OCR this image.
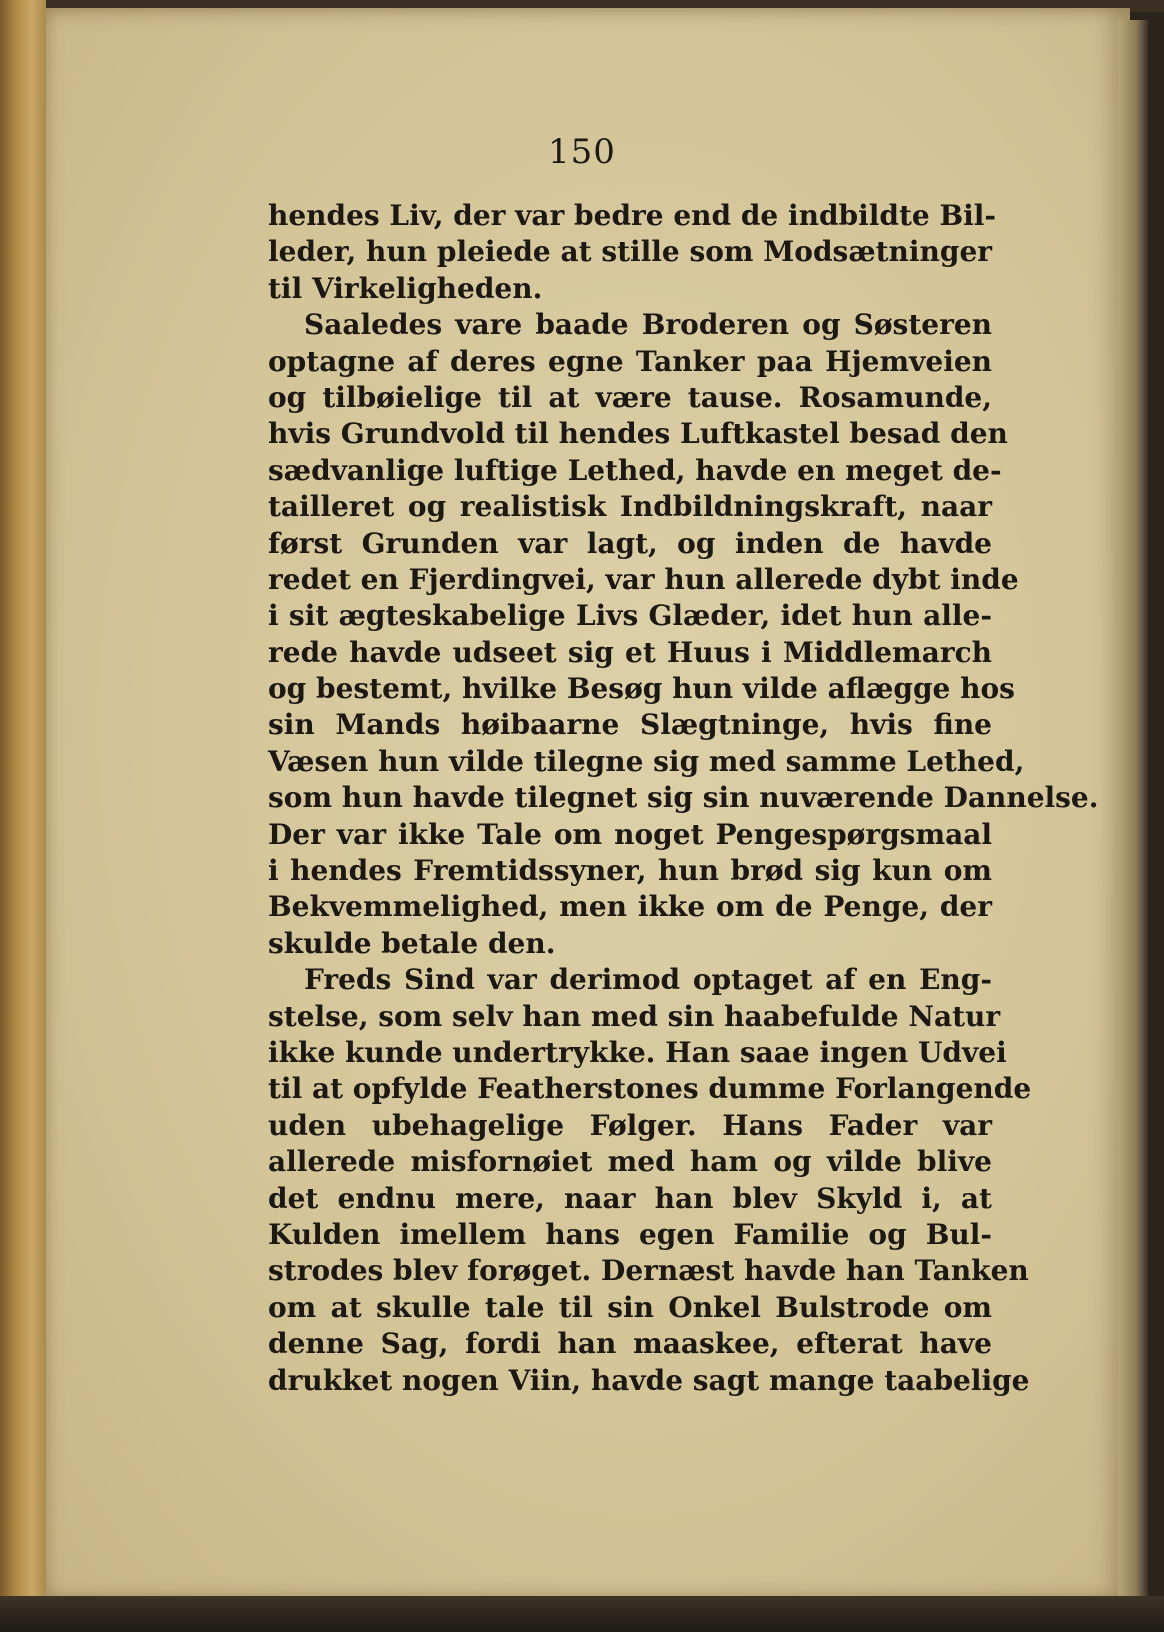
150
hendes Liv, der var bedre end de indbildte Bil-
leder, hun pleiede at stille som Modsætninger
til Virkeligheden.
Saaledes vare baade Broderen og Søsteren
optagne af deres egne Tanker paa Hjemveien
og tilbøielige til at være tause. Rosamunde,
hvis Grundvold til hendes Luftkastel besad den
sædvanlige luftige Lethed, havde en meget de-
tailleret og realistisk Indbildningskraft, naar
først Grunden var lagt, og inden de havde
redet en Fjerdingvei, var hun allerede dybt inde
i sit ægteskabelige Livs Glæder, idet hun alle-
rede havde udseet sig et Huus i Middlemarch
og bestemt, hvilke Besøg hun vilde aflægge hos
sin Mands høibaarne Slægtninge, hvis fine
Væsen hun vilde tilegne sig med samme Lethed,
som hun havde tilegnet sig sin nuværende Dannelse.
Der var ikke Tale om noget Pengespørgsmaal
i hendes Fremtidssyner, hun brød sig kun om
Bekvemmelighed, men ikke om de Penge, der
skulde betale den.
Freds Sind var derimod optaget af en Eng-
stelse, som selv han med sin haabefulde Natur
ikke kunde undertrykke. Han saae ingen Udvei
til at opfylde Featherstones dumme Forlangende
uden ubehagelige Følger. Hans Fader var
allerede misfornøiet med ham og vilde blive
det endnu mere, naar han blev Skyld i, at
Kulden imellem hans egen Familie og Bul-
strodes blev forøget. Dernæst havde han Tanken
om at skulle tale til sin Onkel Bulstrode om
denne Sag, fordi han maaskee, efterat have
drukket nogen Viin, havde sagt mange taabelige
